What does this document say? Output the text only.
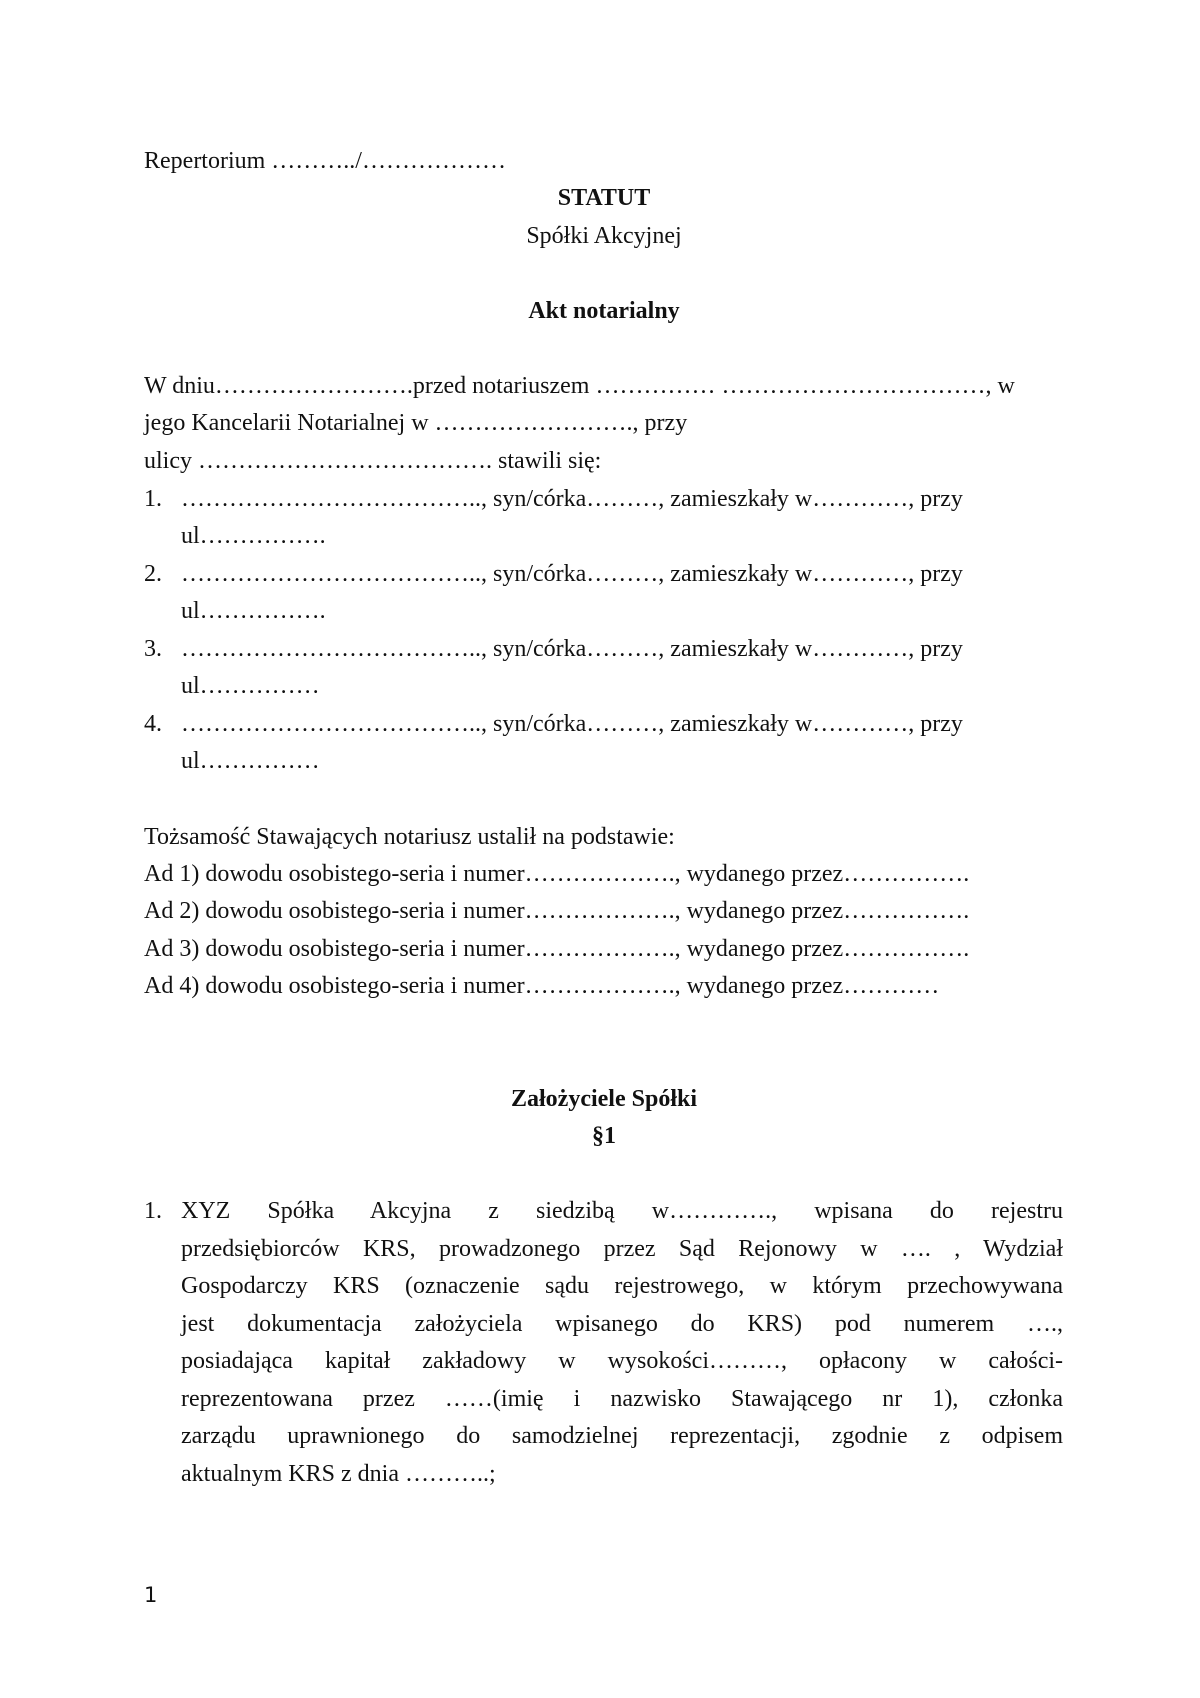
Repertorium ………../………………
STATUT
Spółki Akcyjnej
Akt notarialny
W dniu…………………….przed notariuszem …………… ……………………………, w
jego Kancelarii Notarialnej w ……………………., przy
ulicy ………………………………. stawili się:
1. ……………………………….., syn/córka………, zamieszkały w…………, przy
ul…………….
2. ……………………………….., syn/córka………, zamieszkały w…………, przy
ul…………….
3. ……………………………….., syn/córka………, zamieszkały w…………, przy
ul……………
4. ……………………………….., syn/córka………, zamieszkały w…………, przy
ul……………
Tożsamość Stawających notariusz ustalił na podstawie:
Ad 1) dowodu osobistego-seria i numer………………., wydanego przez…………….
Ad 2) dowodu osobistego-seria i numer………………., wydanego przez…………….
Ad 3) dowodu osobistego-seria i numer………………., wydanego przez…………….
Ad 4) dowodu osobistego-seria i numer………………., wydanego przez…………
Założyciele Spółki
§1
1. XYZ Spółka Akcyjna z siedzibą w…………., wpisana do rejestru
przedsiębiorców KRS, prowadzonego przez Sąd Rejonowy w …. , Wydział
Gospodarczy KRS (oznaczenie sądu rejestrowego, w którym przechowywana
jest dokumentacja założyciela wpisanego do KRS) pod numerem ….,
posiadająca kapitał zakładowy w wysokości………, opłacony w całości-
reprezentowana przez ……(imię i nazwisko Stawającego nr 1), członka
zarządu uprawnionego do samodzielnej reprezentacji, zgodnie z odpisem
aktualnym KRS z dnia ………..;
1
